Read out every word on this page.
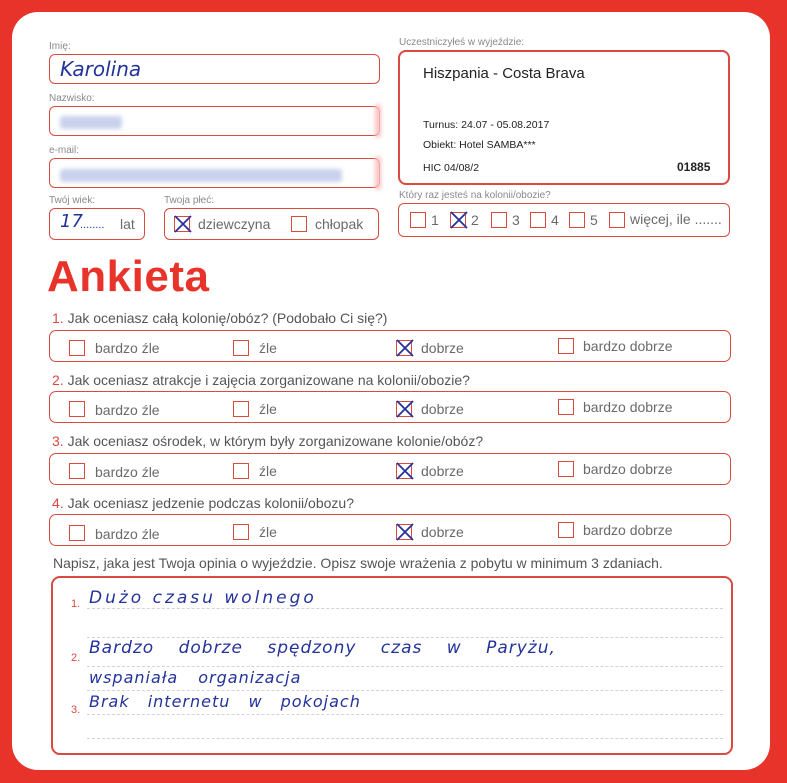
Imię:
Karolina
Nazwisko:
e-mail:
Twój wiek:
17
........ lat
Twoja płeć:
dziewczyna	chłopak
Uczestniczyłeś w wyjeździe:
Hiszpania - Costa Brava
Turnus: 24.07 - 05.08.2017
Obiekt: Hotel SAMBA***
HIC 04/08/2	01885
Który raz jesteś na kolonii/obozie?
1 2 3 4 5 więcej, ile .......
Ankieta
1. Jak oceniasz całą kolonię/obóz? (Podobało Ci się?)
bardzo źle	źle	dobrze	bardzo dobrze
2. Jak oceniasz atrakcje i zajęcia zorganizowane na kolonii/obozie?
bardzo źle	źle	dobrze	bardzo dobrze
3. Jak oceniasz ośrodek, w którym były zorganizowane kolonie/obóz?
bardzo źle	źle	dobrze	bardzo dobrze
4. Jak oceniasz jedzenie podczas kolonii/obozu?
bardzo źle	źle	dobrze	bardzo dobrze
Napisz, jaka jest Twoja opinia o wyjeździe. Opisz swoje wrażenia z pobytu w minimum 3 zdaniach.
1. Dużo czasu wolnego
2. Bardzo dobrze spędzony czas w Paryżu,
wspaniała organizacja
3. Brak internetu w pokojach
